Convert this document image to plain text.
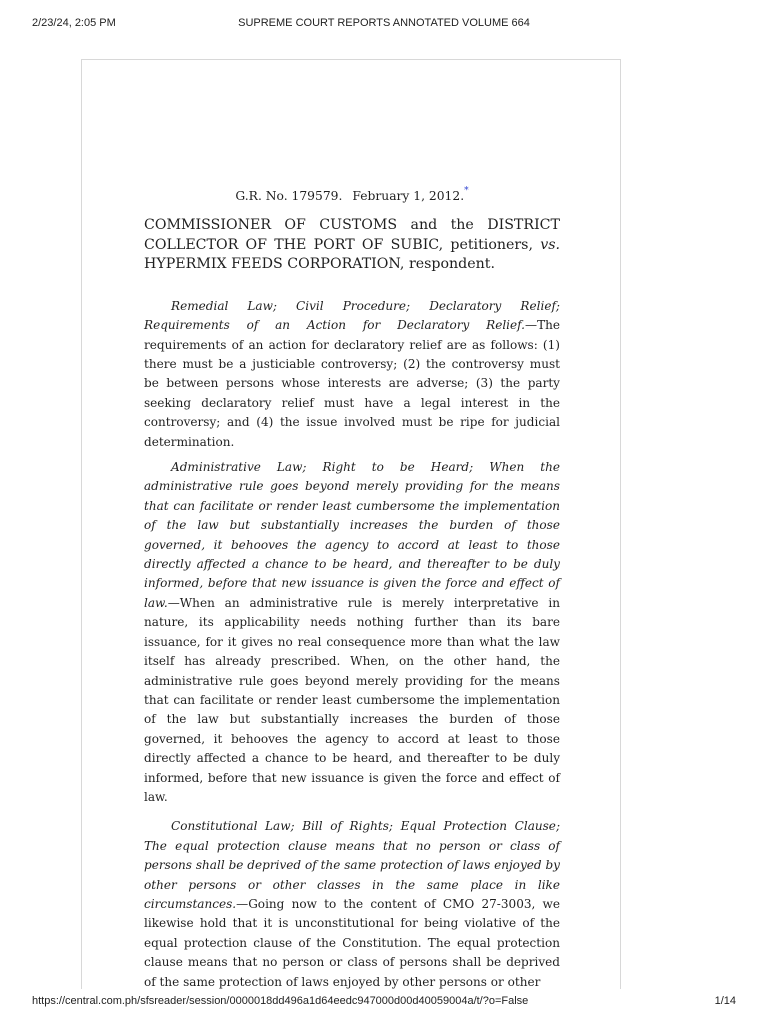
2/23/24, 2:05 PM	SUPREME COURT REPORTS ANNOTATED VOLUME 664
G.R. No. 179579. February 1, 2012.*
COMMISSIONER OF CUSTOMS and the DISTRICT COLLECTOR OF THE PORT OF SUBIC, petitioners, vs. HYPERMIX FEEDS CORPORATION, respondent.

Remedial Law; Civil Procedure; Declaratory Relief; Requirements of an Action for Declaratory Relief.—The requirements of an action for declaratory relief are as follows: (1) there must be a justiciable controversy; (2) the controversy must be between persons whose interests are adverse; (3) the party seeking declaratory relief must have a legal interest in the controversy; and (4) the issue involved must be ripe for judicial determination.

Administrative Law; Right to be Heard; When the administrative rule goes beyond merely providing for the means that can facilitate or render least cumbersome the implementation of the law but substantially increases the burden of those governed, it behooves the agency to accord at least to those directly affected a chance to be heard, and thereafter to be duly informed, before that new issuance is given the force and effect of law.—When an administrative rule is merely interpretative in nature, its applicability needs nothing further than its bare issuance, for it gives no real consequence more than what the law itself has already prescribed. When, on the other hand, the administrative rule goes beyond merely providing for the means that can facilitate or render least cumbersome the implementation of the law but substantially increases the burden of those governed, it behooves the agency to accord at least to those directly affected a chance to be heard, and thereafter to be duly informed, before that new issuance is given the force and effect of law.

Constitutional Law; Bill of Rights; Equal Protection Clause; The equal protection clause means that no person or class of persons shall be deprived of the same protection of laws enjoyed by other persons or other classes in the same place in like circumstances.—Going now to the content of CMO 27-3003, we likewise hold that it is unconstitutional for being violative of the equal protection clause of the Constitution. The equal protection clause means that no person or class of persons shall be deprived of the same protection of laws enjoyed by other persons or other

https://central.com.ph/sfsreader/session/0000018dd496a1d64eedc947000d00d40059004a/t/?o=False	1/14
